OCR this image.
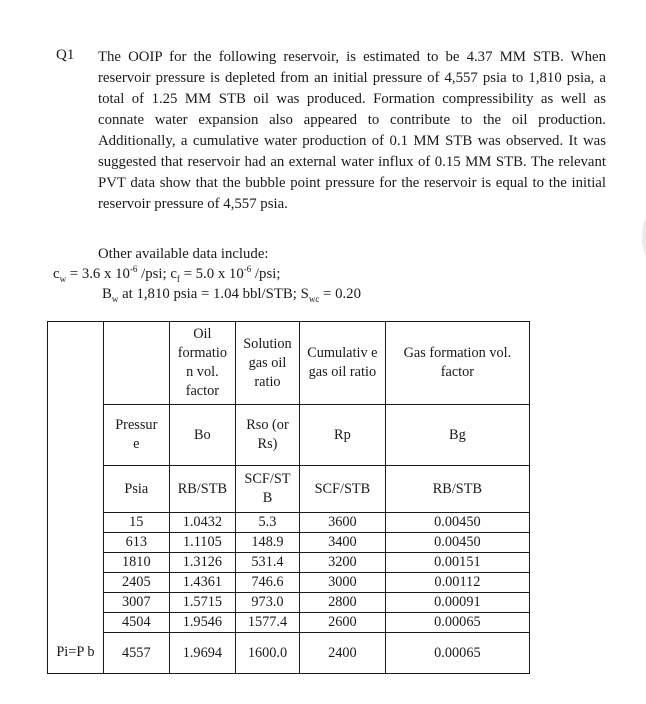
Q1 The OOIP for the following reservoir, is estimated to be 4.37 MM STB. When reservoir pressure is depleted from an initial pressure of 4,557 psia to 1,810 psia, a total of 1.25 MM STB oil was produced. Formation compressibility as well as connate water expansion also appeared to contribute to the oil production. Additionally, a cumulative water production of 0.1 MM STB was observed. It was suggested that reservoir had an external water influx of 0.15 MM STB. The relevant PVT data show that the bubble point pressure for the reservoir is equal to the initial reservoir pressure of 4,557 psia.

Other available data include:
$c_w = 3.6$ x $10^{-6}$ /psi; $c_f = 5.0$ x $10^{-6}$ /psi;
$B_w$ at 1,810 psia = 1.04 bbl/STB; $S_{wc} = 0.20$
		Oil formatio n vol. factor	Solution gas oil ratio	Cumulativ e gas oil ratio	Gas formation vol. factor
	Pressur e	Bo	Rso (or Rs)	Rp	Bg
	Psia	RB/STB	SCF/ST B	SCF/STB	RB/STB
	15	1.0432	5.3	3600	0.00450
	613	1.1105	148.9	3400	0.00450
	1810	1.3126	531.4	3200	0.00151
	2405	1.4361	746.6	3000	0.00112
	3007	1.5715	973.0	2800	0.00091
	4504	1.9546	1577.4	2600	0.00065
Pi=P b	4557	1.9694	1600.0	2400	0.00065
